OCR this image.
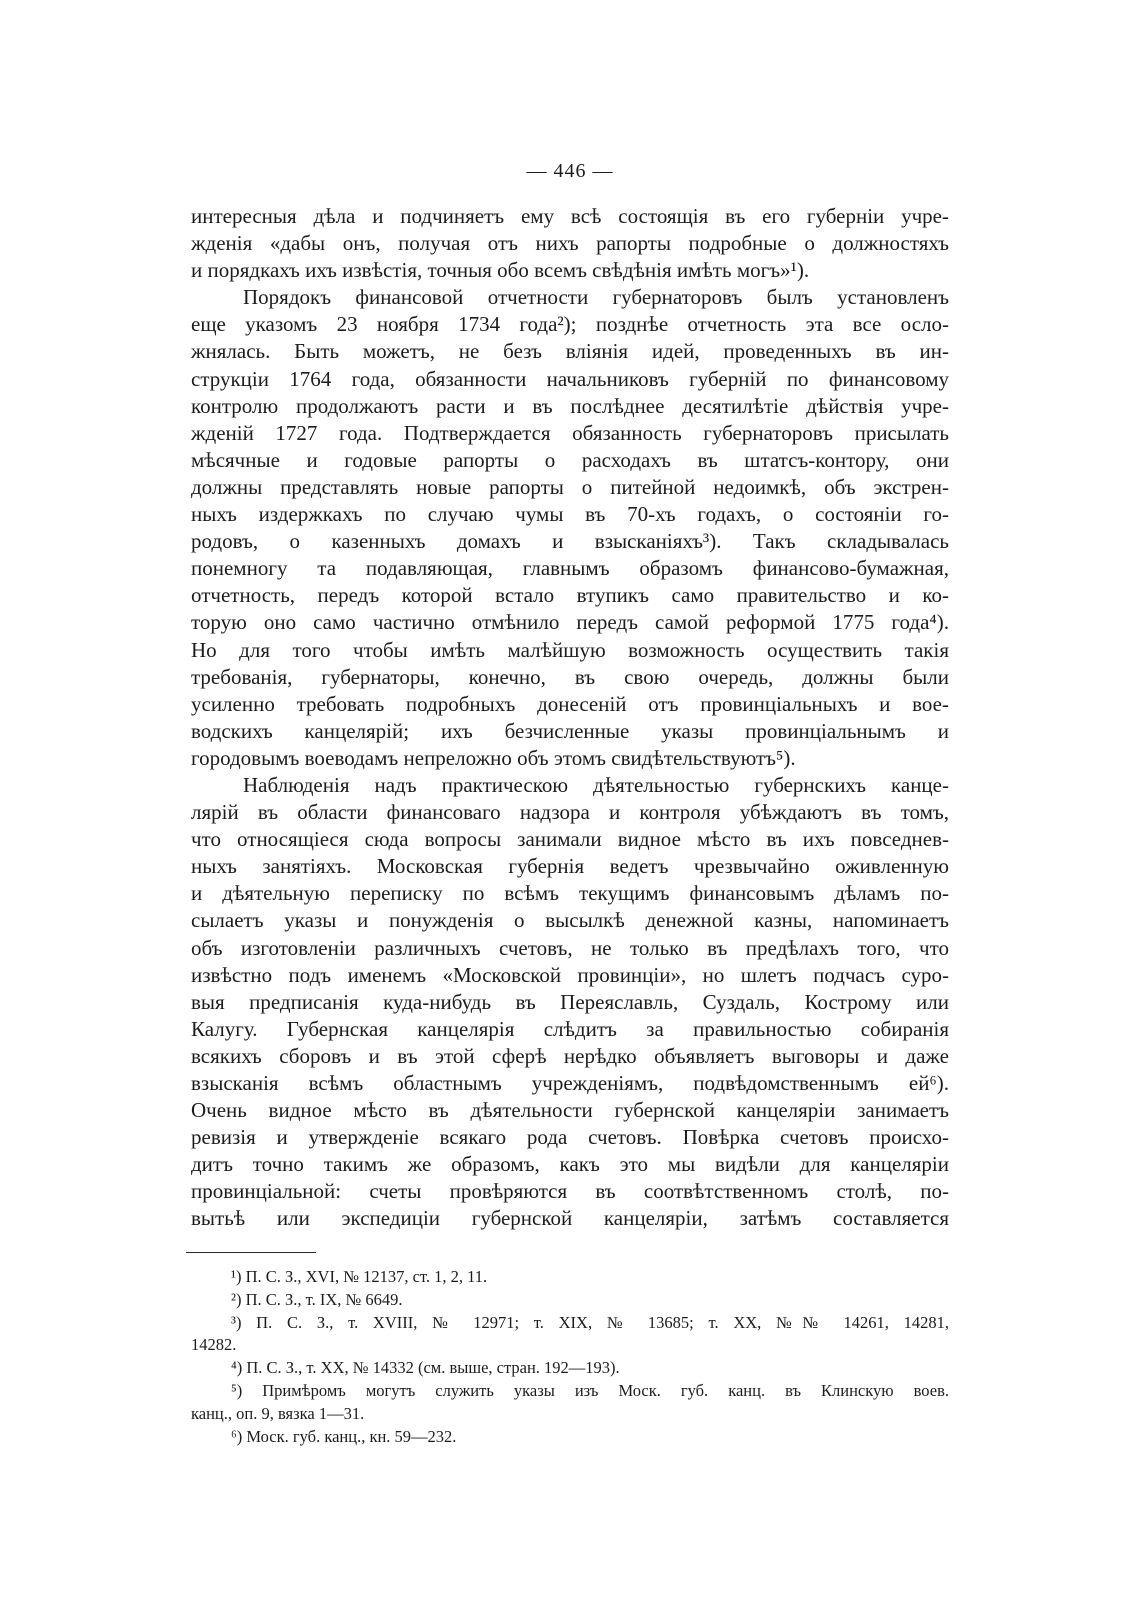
— 446 —
интересныя дѣла и подчиняетъ ему всѣ состоящія въ его губерніи учре-
жденія «дабы онъ, получая отъ нихъ рапорты подробные о должностяхъ
и порядкахъ ихъ извѣстія, точныя обо всемъ свѣдѣнія имѣть могъ»¹).
Порядокъ финансовой отчетности губернаторовъ былъ установленъ
еще указомъ 23 ноября 1734 года²); позднѣе отчетность эта все осло-
жнялась. Быть можетъ, не безъ вліянія идей, проведенныхъ въ ин-
струкціи 1764 года, обязанности начальниковъ губерній по финансовому
контролю продолжаютъ расти и въ послѣднее десятилѣтіе дѣйствія учре-
жденій 1727 года. Подтверждается обязанность губернаторовъ присылать
мѣсячные и годовые рапорты о расходахъ въ штатсъ-контору, они
должны представлять новые рапорты о питейной недоимкѣ, объ экстрен-
ныхъ издержкахъ по случаю чумы въ 70-хъ годахъ, о состояніи го-
родовъ, о казенныхъ домахъ и взысканіяхъ³). Такъ складывалась
понемногу та подавляющая, главнымъ образомъ финансово-бумажная,
отчетность, передъ которой встало втупикъ само правительство и ко-
торую оно само частично отмѣнило передъ самой реформой 1775 года⁴).
Но для того чтобы имѣть малѣйшую возможность осуществить такія
требованія, губернаторы, конечно, въ свою очередь, должны были
усиленно требовать подробныхъ донесеній отъ провинціальныхъ и вое-
водскихъ канцелярій; ихъ безчисленные указы провинціальнымъ и
городовымъ воеводамъ непреложно объ этомъ свидѣтельствуютъ⁵).
Наблюденія надъ практическою дѣятельностью губернскихъ канце-
лярій въ области финансоваго надзора и контроля убѣждаютъ въ томъ,
что относящіеся сюда вопросы занимали видное мѣсто въ ихъ повседнев-
ныхъ занятіяхъ. Московская губернія ведетъ чрезвычайно оживленную
и дѣятельную переписку по всѣмъ текущимъ финансовымъ дѣламъ по-
сылаетъ указы и понужденія о высылкѣ денежной казны, напоминаетъ
объ изготовленіи различныхъ счетовъ, не только въ предѣлахъ того, что
извѣстно подъ именемъ «Московской провинціи», но шлетъ подчасъ суро-
выя предписанія куда-нибудь въ Переяславль, Суздаль, Кострому или
Калугу. Губернская канцелярія слѣдитъ за правильностью собиранія
всякихъ сборовъ и въ этой сферѣ нерѣдко объявляетъ выговоры и даже
взысканія всѣмъ областнымъ учрежденіямъ, подвѣдомственнымъ ей⁶).
Очень видное мѣсто въ дѣятельности губернской канцеляріи занимаетъ
ревизія и утвержденіе всякаго рода счетовъ. Повѣрка счетовъ происхо-
дитъ точно такимъ же образомъ, какъ это мы видѣли для канцеляріи
провинціальной: счеты провѣряются въ соотвѣтственномъ столѣ, по-
вытьѣ или экспедиціи губернской канцеляріи, затѣмъ составляется
¹) П. С. З., XVI, № 12137, ст. 1, 2, 11.
²) П. С. З., т. IX, № 6649.
³) П. С. З., т. XVIII, № 12971; т. XIX, № 13685; т. XX, №№ 14261, 14281,
14282.
⁴) П. С. З., т. XX, № 14332 (см. выше, стран. 192—193).
⁵) Примѣромъ могутъ служить указы изъ Моск. губ. канц. въ Клинскую воев.
канц., оп. 9, вязка 1—31.
⁶) Моск. губ. канц., кн. 59—232.
